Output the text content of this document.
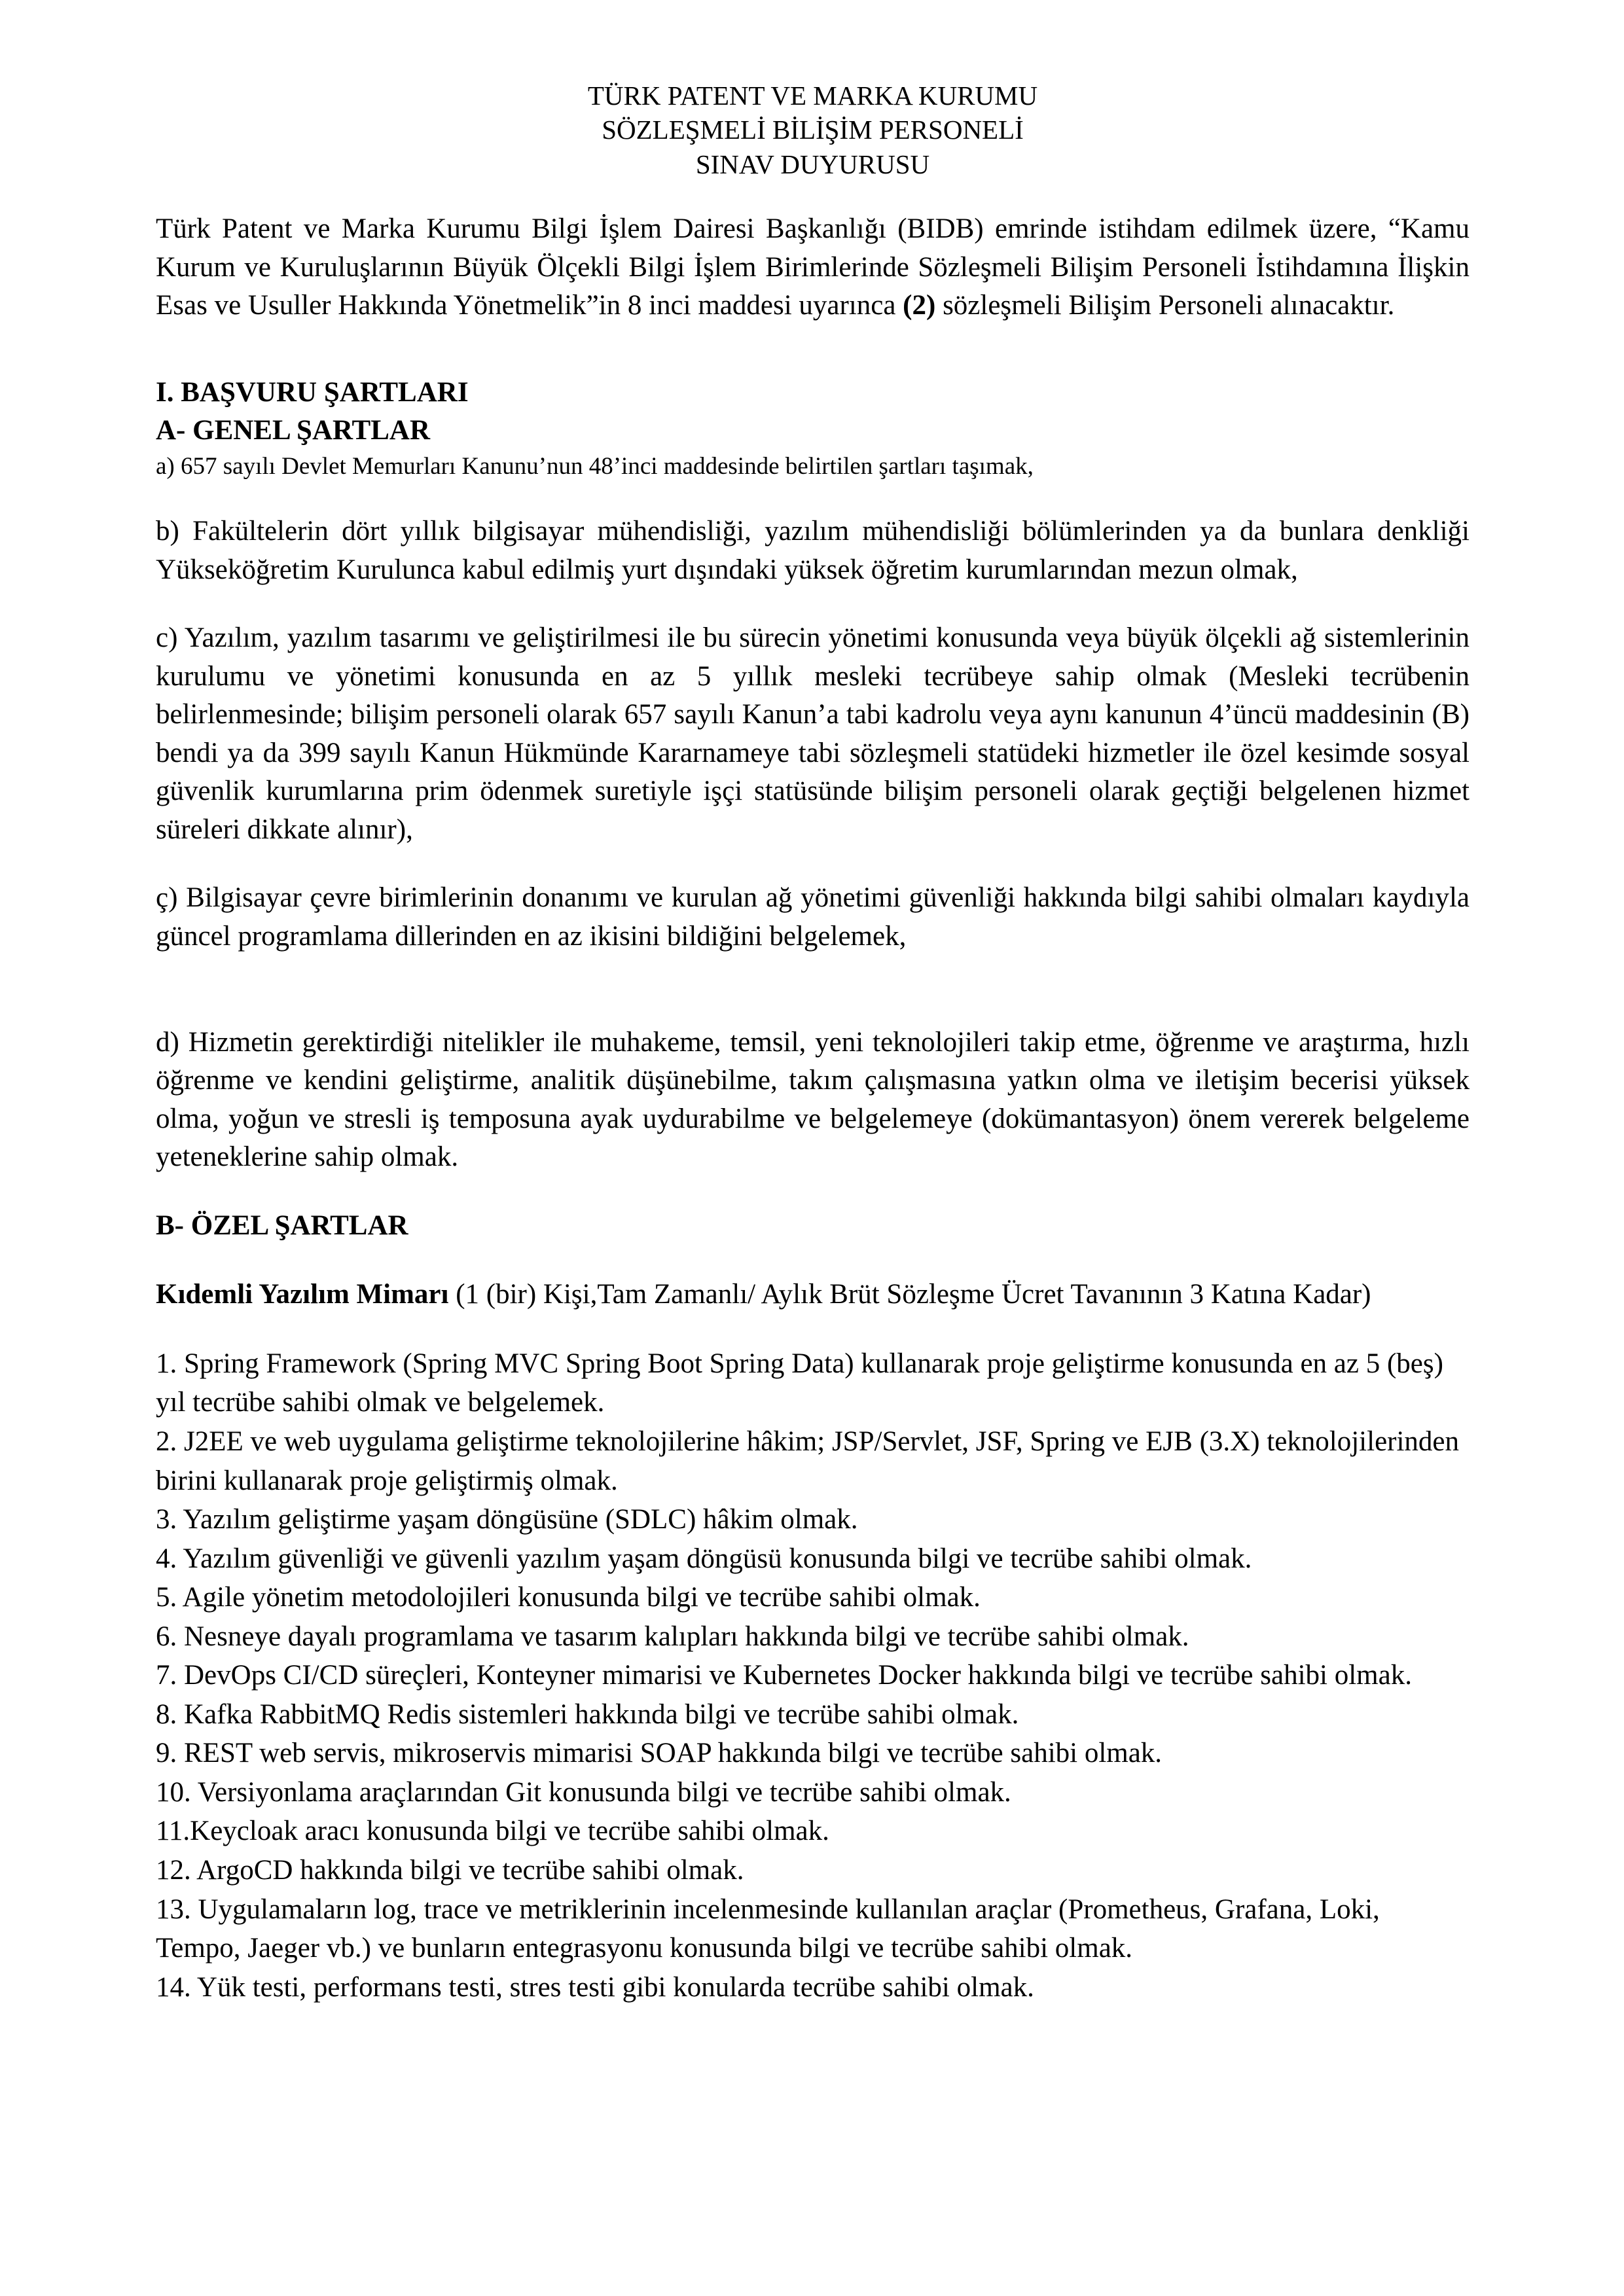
TÜRK PATENT VE MARKA KURUMU
SÖZLEŞMELİ BİLİŞİM PERSONELİ
SINAV DUYURUSU

Türk Patent ve Marka Kurumu Bilgi İşlem Dairesi Başkanlığı (BIDB) emrinde istihdam edilmek üzere, “Kamu Kurum ve Kuruluşlarının Büyük Ölçekli Bilgi İşlem Birimlerinde Sözleşmeli Bilişim Personeli İstihdamına İlişkin Esas ve Usuller Hakkında Yönetmelik”in 8 inci maddesi uyarınca (2) sözleşmeli Bilişim Personeli alınacaktır.

I. BAŞVURU ŞARTLARI

A- GENEL ŞARTLAR

a) 657 sayılı Devlet Memurları Kanunu’nun 48’inci maddesinde belirtilen şartları taşımak,

b) Fakültelerin dört yıllık bilgisayar mühendisliği, yazılım mühendisliği bölümlerinden ya da bunlara denkliği Yükseköğretim Kurulunca kabul edilmiş yurt dışındaki yüksek öğretim kurumlarından mezun olmak,

c) Yazılım, yazılım tasarımı ve geliştirilmesi ile bu sürecin yönetimi konusunda veya büyük ölçekli ağ sistemlerinin kurulumu ve yönetimi konusunda en az 5 yıllık mesleki tecrübeye sahip olmak (Mesleki tecrübenin belirlenmesinde; bilişim personeli olarak 657 sayılı Kanun’a tabi kadrolu veya aynı kanunun 4’üncü maddesinin (B) bendi ya da 399 sayılı Kanun Hükmünde Kararnameye tabi sözleşmeli statüdeki hizmetler ile özel kesimde sosyal güvenlik kurumlarına prim ödenmek suretiyle işçi statüsünde bilişim personeli olarak geçtiği belgelenen hizmet süreleri dikkate alınır),

ç) Bilgisayar çevre birimlerinin donanımı ve kurulan ağ yönetimi güvenliği hakkında bilgi sahibi olmaları kaydıyla güncel programlama dillerinden en az ikisini bildiğini belgelemek,

d) Hizmetin gerektirdiği nitelikler ile muhakeme, temsil, yeni teknolojileri takip etme, öğrenme ve araştırma, hızlı öğrenme ve kendini geliştirme, analitik düşünebilme, takım çalışmasına yatkın olma ve iletişim becerisi yüksek olma, yoğun ve stresli iş temposuna ayak uydurabilme ve belgelemeye (dokümantasyon) önem vererek belgeleme yeteneklerine sahip olmak.

B- ÖZEL ŞARTLAR

Kıdemli Yazılım Mimarı (1 (bir) Kişi,Tam Zamanlı/ Aylık Brüt Sözleşme Ücret Tavanının 3 Katına Kadar)

1. Spring Framework (Spring MVC Spring Boot Spring Data) kullanarak proje geliştirme konusunda en az 5 (beş) yıl tecrübe sahibi olmak ve belgelemek.

2. J2EE ve web uygulama geliştirme teknolojilerine hâkim; JSP/Servlet, JSF, Spring ve EJB (3.X) teknolojilerinden birini kullanarak proje geliştirmiş olmak.

3. Yazılım geliştirme yaşam döngüsüne (SDLC) hâkim olmak.

4. Yazılım güvenliği ve güvenli yazılım yaşam döngüsü konusunda bilgi ve tecrübe sahibi olmak.

5. Agile yönetim metodolojileri konusunda bilgi ve tecrübe sahibi olmak.

6. Nesneye dayalı programlama ve tasarım kalıpları hakkında bilgi ve tecrübe sahibi olmak.

7. DevOps CI/CD süreçleri, Konteyner mimarisi ve Kubernetes Docker hakkında bilgi ve tecrübe sahibi olmak.

8. Kafka RabbitMQ Redis sistemleri hakkında bilgi ve tecrübe sahibi olmak.

9. REST web servis, mikroservis mimarisi SOAP hakkında bilgi ve tecrübe sahibi olmak.

10. Versiyonlama araçlarından Git konusunda bilgi ve tecrübe sahibi olmak.

11.Keycloak aracı konusunda bilgi ve tecrübe sahibi olmak.

12. ArgoCD hakkında bilgi ve tecrübe sahibi olmak.

13. Uygulamaların log, trace ve metriklerinin incelenmesinde kullanılan araçlar (Prometheus, Grafana, Loki, Tempo, Jaeger vb.) ve bunların entegrasyonu konusunda bilgi ve tecrübe sahibi olmak.

14. Yük testi, performans testi, stres testi gibi konularda tecrübe sahibi olmak.
